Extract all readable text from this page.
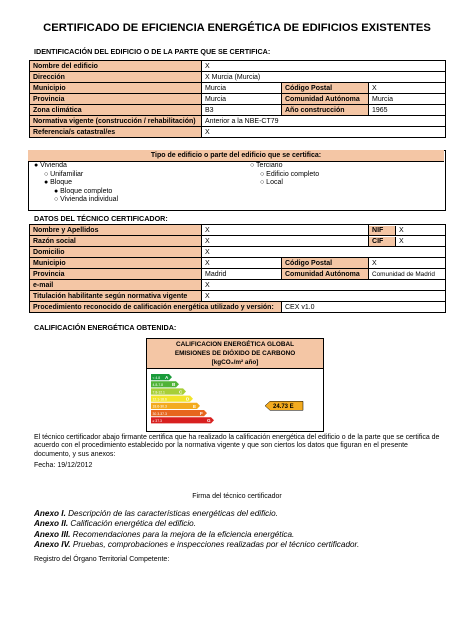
CERTIFICADO DE EFICIENCIA ENERGÉTICA DE EDIFICIOS EXISTENTES
IDENTIFICACIÓN DEL EDIFICIO O DE LA PARTE QUE SE CERTIFICA:
Nombre del edificio	X		
Dirección	X Murcia (Murcia)		
Municipio	Murcia	Código Postal	X
Provincia	Murcia	Comunidad Autónoma	Murcia
Zona climática	B3	Año construcción	1965
Normativa vigente (construcción / rehabilitación)	Anterior a la NBE-CT79		
Referencia/s catastral/es	X		
Tipo de edificio o parte del edificio que se certifica:
● Vivienda
○ Unifamiliar
● Bloque
● Bloque completo
○ Vivienda individual
○ Terciario
○ Edificio completo
○ Local
DATOS DEL TÉCNICO CERTIFICADOR:
Nombre y Apellidos	X		NIF	X

Razón social	X		CIF	X

Domicilio	X
Municipio	X	Código Postal	X
Provincia	Madrid	Comunidad Autónoma	Comunidad de Madrid
e-mail	X
Titulación habilitante según normativa vigente	X
Procedimiento reconocido de calificación energética utilizado y versión:	CEX v1.0
CALIFICACIÓN ENERGÉTICA OBTENIDA:
CALIFICACION ENERGÉTICA GLOBAL
EMISIONES DE DIÓXIDO DE CARBONO
[kgCO₂/m² año]
< 4.8 A
4.8-7.8 B
7.8-12.1	C
12.1-18.6	D
18.6-30.3	E
30.3-37.3	F
≥ 37.3	G
24.73 E
El técnico certificador abajo firmante certifica que ha realizado la calificación energética del edificio o de la parte que se certifica de acuerdo con el procedimiento establecido por la normativa vigente y que son ciertos los datos que figuran en el presente documento, y sus anexos:
Fecha: 19/12/2012
Firma del técnico certificador
Anexo I. Descripción de las características energéticas del edificio.
Anexo II. Calificación energética del edificio.
Anexo III. Recomendaciones para la mejora de la eficiencia energética.
Anexo IV. Pruebas, comprobaciones e inspecciones realizadas por el técnico certificador.
Registro del Órgano Territorial Competente:
